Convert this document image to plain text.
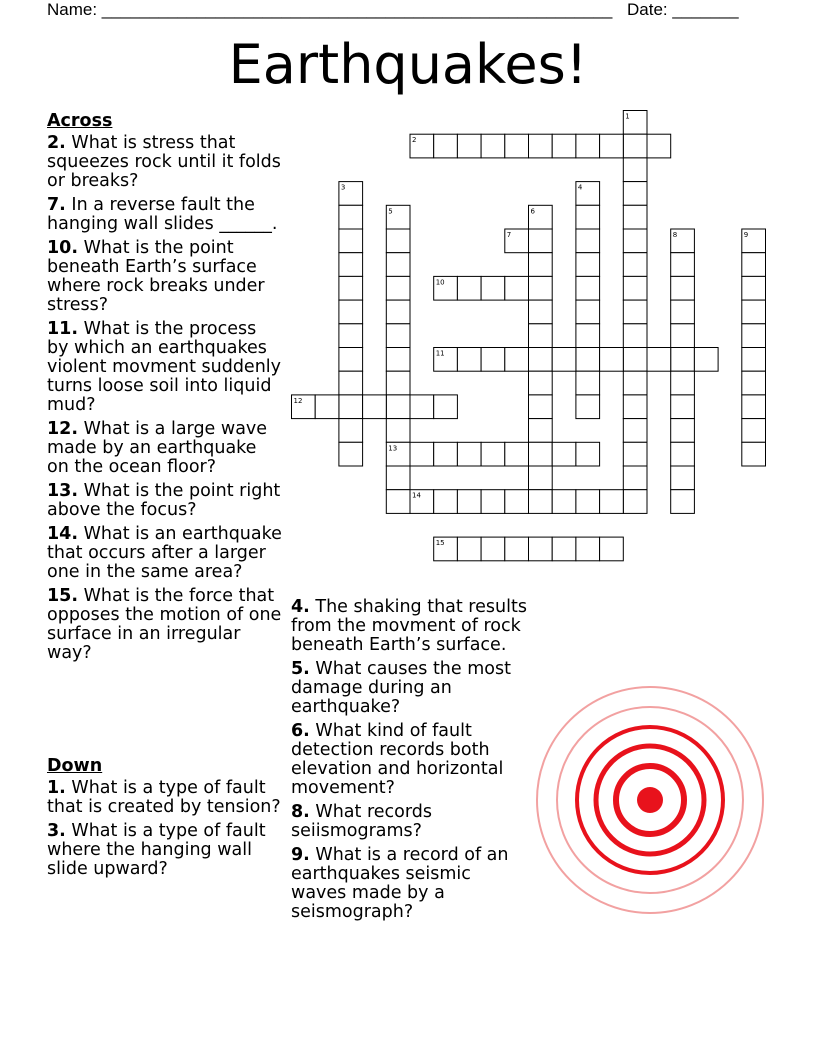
Name: ______________________________________________________ Date: _______
Earthquakes!
1
2
3	4
5	6
7	8	9
10
11
12
13
14
15
Across
2. What is stress that squeezes rock until it folds or breaks?
7. In a reverse fault the hanging wall slides ______.
10. What is the point beneath Earth’s surface where rock breaks under stress?
11. What is the process by which an earthquakes violent movment suddenly turns loose soil into liquid mud?
12. What is a large wave made by an earthquake on the ocean floor?
13. What is the point right above the focus?
14. What is an earthquake that occurs after a larger one in the same area?
15. What is the force that opposes the motion of one surface in an irregular way?
Down
1. What is a type of fault that is created by tension?
3. What is a type of fault where the hanging wall slide upward?
4. The shaking that results from the movment of rock beneath Earth’s surface.
5. What causes the most damage during an earthquake?
6. What kind of fault detection records both elevation and horizontal movement?
8. What records seiismograms?
9. What is a record of an earthquakes seismic waves made by a seismograph?
